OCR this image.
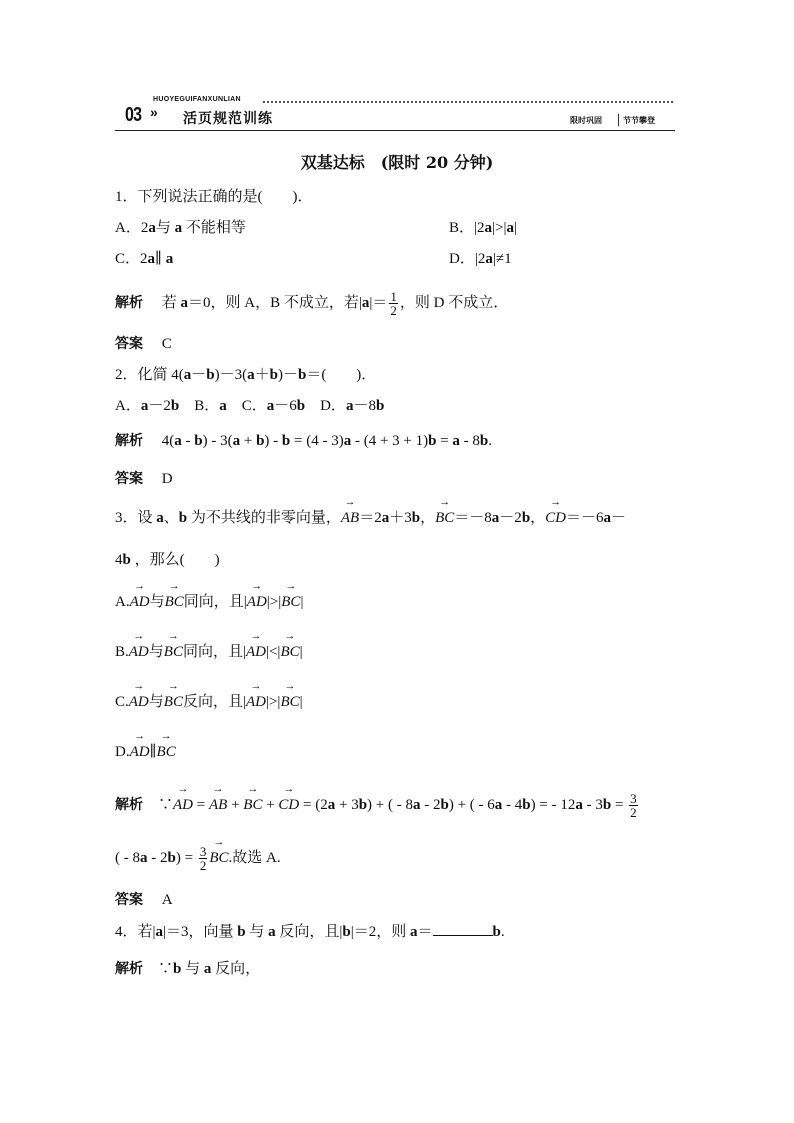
03 »
HUOYEGUIFANXUNLIAN
活页规范训练	限时巩固	节节攀登
双基达标　(限时 20 分钟)
1．下列说法正确的是(　　)．
A．2a与 a 不能相等	B．|2a|>|a|
C．2a∥ a	D．|2a|≠1
解析　 若 a＝0，则 A，B 不成立，若$|a|= \frac{1}{2}$ ，则 D 不成立．
答案　 C
2．化简 4(a－b)－3(a＋b)－b＝(　　)．
A．a－2b　B．a　C．a－6b　D．a－8b
解析　 4(a - b) - 3(a + b) - b = (4 - 3)a - (4 + 3 + 1)b = a - 8b.
答案　 D
3．设 a、b 为不共线的非零向量，→ AB＝2a＋3b，→ BC＝－8a－2b，→ CD＝－6a－
4b ，那么(　　)
A.→ AD与→ BC同向，且|→ AD|>|→ BC|
B.→ AD与→ BC同向，且|→ AD|<|→ BC|
C.→ AD与→ BC反向，且|→ AD|>|→ BC|
D.→ AD∥→ BC
解析　∵→ AD = → AB + → BC + → CD = (2a + 3b) + ( - 8a - 2b) + ( - 6a - 4b) = - $12a - 3b = \frac{3}{2}$
( - $8a - 2b) = \frac{3}{2}$
→ BC.故选 A.
答案　 A
4．若|a|＝3，向量 b 与 a 反向，且|b|＝2，则 a＝	b.
解析　∵b 与 a 反向，
